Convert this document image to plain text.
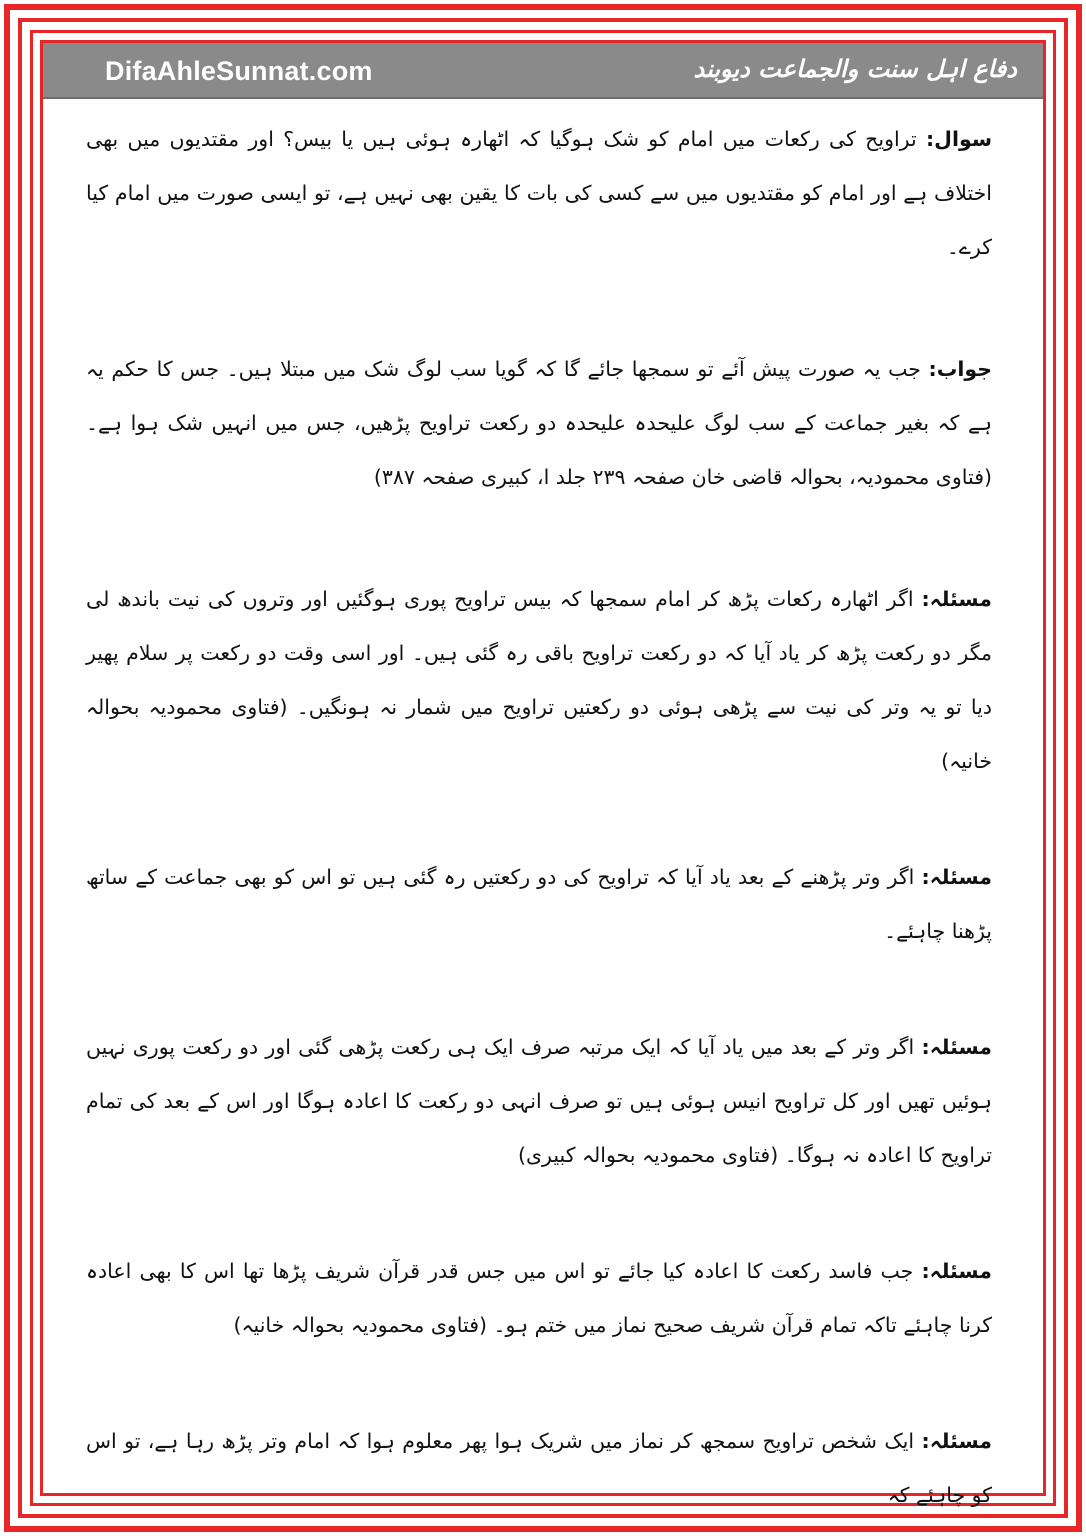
DifaAhleSunnat.com	دفاع اہل سنت والجماعت دیوبند

سوال: تراویح کی رکعات میں امام کو شک ہوگیا کہ اٹھارہ ہوئی ہیں یا بیس؟ اور مقتدیوں میں بھی اختلاف ہے اور امام کو مقتدیوں میں سے کسی کی بات کا یقین بھی نہیں ہے، تو ایسی صورت میں امام کیا کرے۔

جواب: جب یہ صورت پیش آئے تو سمجھا جائے گا کہ گویا سب لوگ شک میں مبتلا ہیں۔ جس کا حکم یہ ہے کہ بغیر جماعت کے سب لوگ علیحدہ علیحدہ دو رکعت تراویح پڑھیں، جس میں انہیں شک ہوا ہے۔ (فتاوی محمودیہ، بحوالہ قاضی خان صفحہ ۲۳۹ جلد ا، کبیری صفحہ ۳۸۷)

مسئلہ: اگر اٹھارہ رکعات پڑھ کر امام سمجھا کہ بیس تراویح پوری ہوگئیں اور وتروں کی نیت باندھ لی مگر دو رکعت پڑھ کر یاد آیا کہ دو رکعت تراویح باقی رہ گئی ہیں۔ اور اسی وقت دو رکعت پر سلام پھیر دیا تو یہ وتر کی نیت سے پڑھی ہوئی دو رکعتیں تراویح میں شمار نہ ہونگیں۔ (فتاوی محمودیہ بحوالہ خانیہ)

مسئلہ: اگر وتر پڑھنے کے بعد یاد آیا کہ تراویح کی دو رکعتیں رہ گئی ہیں تو اس کو بھی جماعت کے ساتھ پڑھنا چاہئے۔

مسئلہ: اگر وتر کے بعد میں یاد آیا کہ ایک مرتبہ صرف ایک ہی رکعت پڑھی گئی اور دو رکعت پوری نہیں ہوئیں تھیں اور کل تراویح انیس ہوئی ہیں تو صرف انہی دو رکعت کا اعادہ ہوگا اور اس کے بعد کی تمام تراویح کا اعادہ نہ ہوگا۔ (فتاوی محمودیہ بحوالہ کبیری)

مسئلہ: جب فاسد رکعت کا اعادہ کیا جائے تو اس میں جس قدر قرآن شریف پڑھا تھا اس کا بھی اعادہ کرنا چاہئے تاکہ تمام قرآن شریف صحیح نماز میں ختم ہو۔ (فتاوی محمودیہ بحوالہ خانیہ)

مسئلہ: ایک شخص تراویح سمجھ کر نماز میں شریک ہوا پھر معلوم ہوا کہ امام وتر پڑھ رہا ہے، تو اس کو چاہئے کہ
